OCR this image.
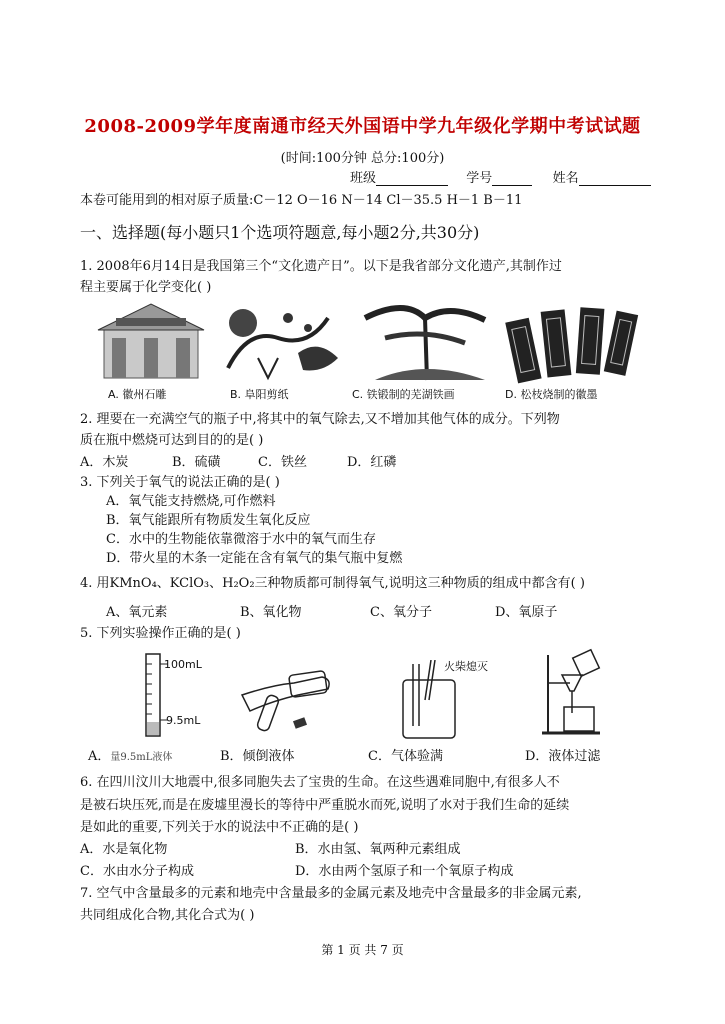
2008-2009学年度南通市经天外国语中学九年级化学期中考试试题
(时间:100分钟 总分:100分)
班级	学号	姓名
本卷可能用到的相对原子质量:C－12 O－16 N－14 Cl－35.5 H－1 B－11
一、选择题(每小题只1个选项符题意,每小题2分,共30分)
1. 2008年6月14日是我国第三个“文化遗产日”。以下是我省部分文化遗产,其制作过
程主要属于化学变化( )
A. 徽州石雕	B. 阜阳剪纸	C. 铁锻制的芜湖铁画	D. 松枝烧制的徽墨
2. 理要在一充满空气的瓶子中,将其中的氧气除去,又不增加其他气体的成分。下列物
质在瓶中燃烧可达到目的的是( )
A．木炭	B．硫磺	C．铁丝	D．红磷
3. 下列关于氧气的说法正确的是( )
A．氧气能支持燃烧,可作燃料
B．氧气能跟所有物质发生氧化反应
C．水中的生物能依靠微溶于水中的氧气而生存
D．带火星的木条一定能在含有氧气的集气瓶中复燃
4. 用KMnO₄、KClO₃、H₂O₂三种物质都可制得氧气,说明这三种物质的组成中都含有( )
A、氧元素	B、氧化物	C、氧分子	D、氧原子
5. 下列实验操作正确的是( )
100mL
9.5mL
火柴熄灭
A．量9.5mL液体	B．倾倒液体	C．气体验满	D．液体过滤
6. 在四川汶川大地震中,很多同胞失去了宝贵的生命。在这些遇难同胞中,有很多人不
是被石块压死,而是在废墟里漫长的等待中严重脱水而死,说明了水对于我们生命的延续
是如此的重要,下列关于水的说法中不正确的是( )
A．水是氧化物	B．水由氢、氧两种元素组成
C．水由水分子构成	D．水由两个氢原子和一个氧原子构成
7. 空气中含量最多的元素和地壳中含量最多的金属元素及地壳中含量最多的非金属元素,
共同组成化合物,其化合式为( )
第 1 页 共 7 页
